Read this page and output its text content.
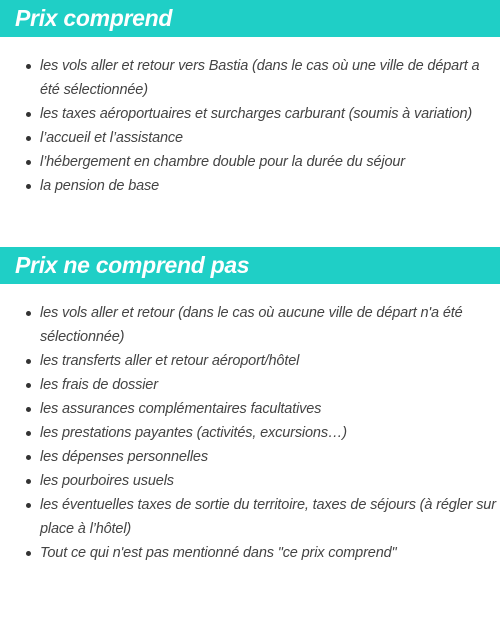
Prix comprend
les vols aller et retour vers Bastia (dans le cas où une ville de départ a été sélectionnée)
les taxes aéroportuaires et surcharges carburant (soumis à variation)
l’accueil et l’assistance
l’hébergement en chambre double pour la durée du séjour
la pension de base
Prix ne comprend pas
les vols aller et retour (dans le cas où aucune ville de départ n'a été sélectionnée)
les transferts aller et retour aéroport/hôtel
les frais de dossier
les assurances complémentaires facultatives
les prestations payantes (activités, excursions…)
les dépenses personnelles
les pourboires usuels
les éventuelles taxes de sortie du territoire, taxes de séjours (à régler sur place à l’hôtel)
Tout ce qui n'est pas mentionné dans "ce prix comprend"
